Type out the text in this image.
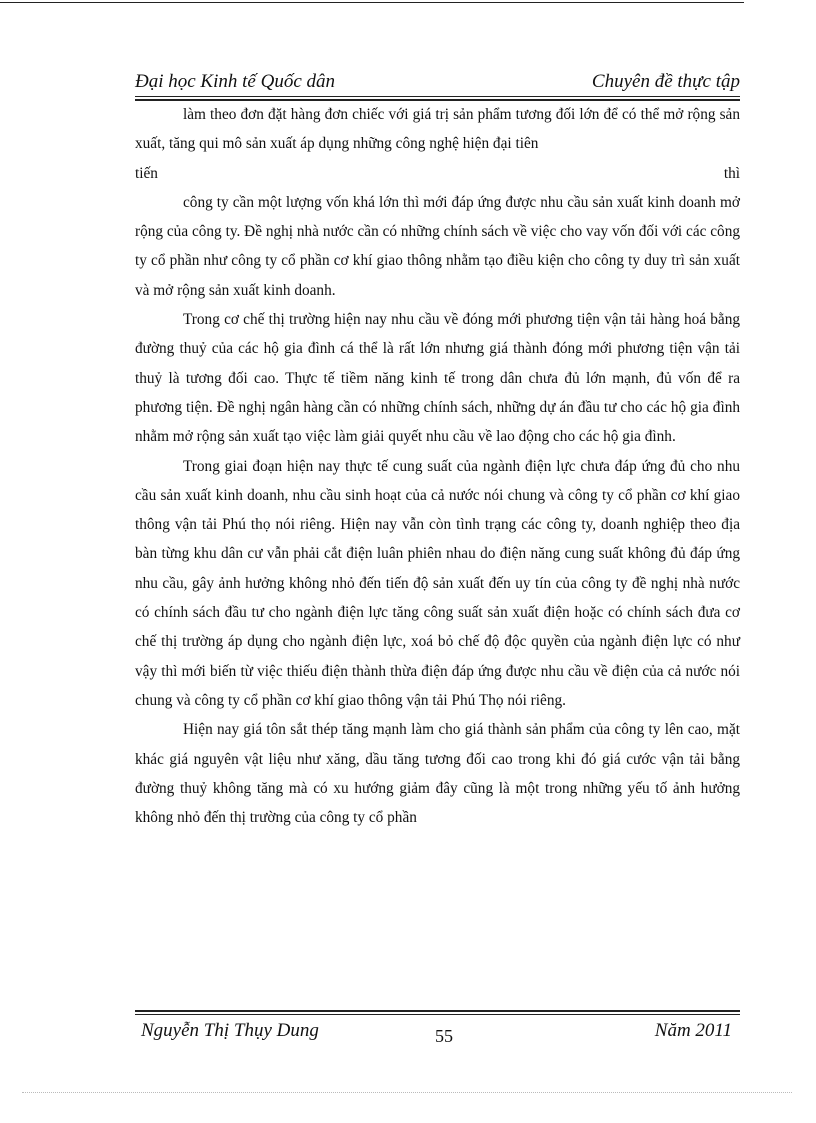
Đại học Kinh tế Quốc dân	Chuyên đề thực tập

làm theo đơn đặt hàng đơn chiếc với giá trị sản phẩm tương đối lớn để có thể mở rộng sản xuất, tăng qui mô sản xuất áp dụng những công nghệ hiện đại tiên

tiến	thì

công ty cần một lượng vốn khá lớn thì mới đáp ứng được nhu cầu sản xuất kinh doanh mở rộng của công ty. Đề nghị nhà nước cần có những chính sách về việc cho vay vốn đối với các công ty cổ phần như công ty cổ phần cơ khí giao thông nhằm tạo điều kiện cho công ty duy trì sản xuất và mở rộng sản xuất kinh doanh.

Trong cơ chế thị trường hiện nay nhu cầu về đóng mới phương tiện vận tải hàng hoá bằng đường thuỷ của các hộ gia đình cá thể là rất lớn nhưng giá thành đóng mới phương tiện vận tải thuỷ là tương đối cao. Thực tế tiềm năng kinh tế trong dân chưa đủ lớn mạnh, đủ vốn để ra phương tiện. Đề nghị ngân hàng cần có những chính sách, những dự án đầu tư cho các hộ gia đình nhằm mở rộng sản xuất tạo việc làm giải quyết nhu cầu về lao động cho các hộ gia đình.

Trong giai đoạn hiện nay thực tế cung suất của ngành điện lực chưa đáp ứng đủ cho nhu cầu sản xuất kinh doanh, nhu cầu sinh hoạt của cả nước nói chung và công ty cổ phần cơ khí giao thông vận tải Phú thọ nói riêng. Hiện nay vẫn còn tình trạng các công ty, doanh nghiệp theo địa bàn từng khu dân cư vẫn phải cắt điện luân phiên nhau do điện năng cung suất không đủ đáp ứng nhu cầu, gây ảnh hưởng không nhỏ đến tiến độ sản xuất đến uy tín của công ty đề nghị nhà nước có chính sách đầu tư cho ngành điện lực tăng công suất sản xuất điện hoặc có chính sách đưa cơ chế thị trường áp dụng cho ngành điện lực, xoá bỏ chế độ độc quyền của ngành điện lực có như vậy thì mới biến từ việc thiếu điện thành thừa điện đáp ứng được nhu cầu về điện của cả nước nói chung và công ty cổ phần cơ khí giao thông vận tải Phú Thọ nói riêng.

Hiện nay giá tôn sắt thép tăng mạnh làm cho giá thành sản phẩm của công ty lên cao, mặt khác giá nguyên vật liệu như xăng, dầu tăng tương đối cao trong khi đó giá cước vận tải bằng đường thuỷ không tăng mà có xu hướng giảm đây cũng là một trong những yếu tố ảnh hưởng không nhỏ đến thị trường của công ty cổ phần

Nguyễn Thị Thụy Dung	55	Năm 2011
